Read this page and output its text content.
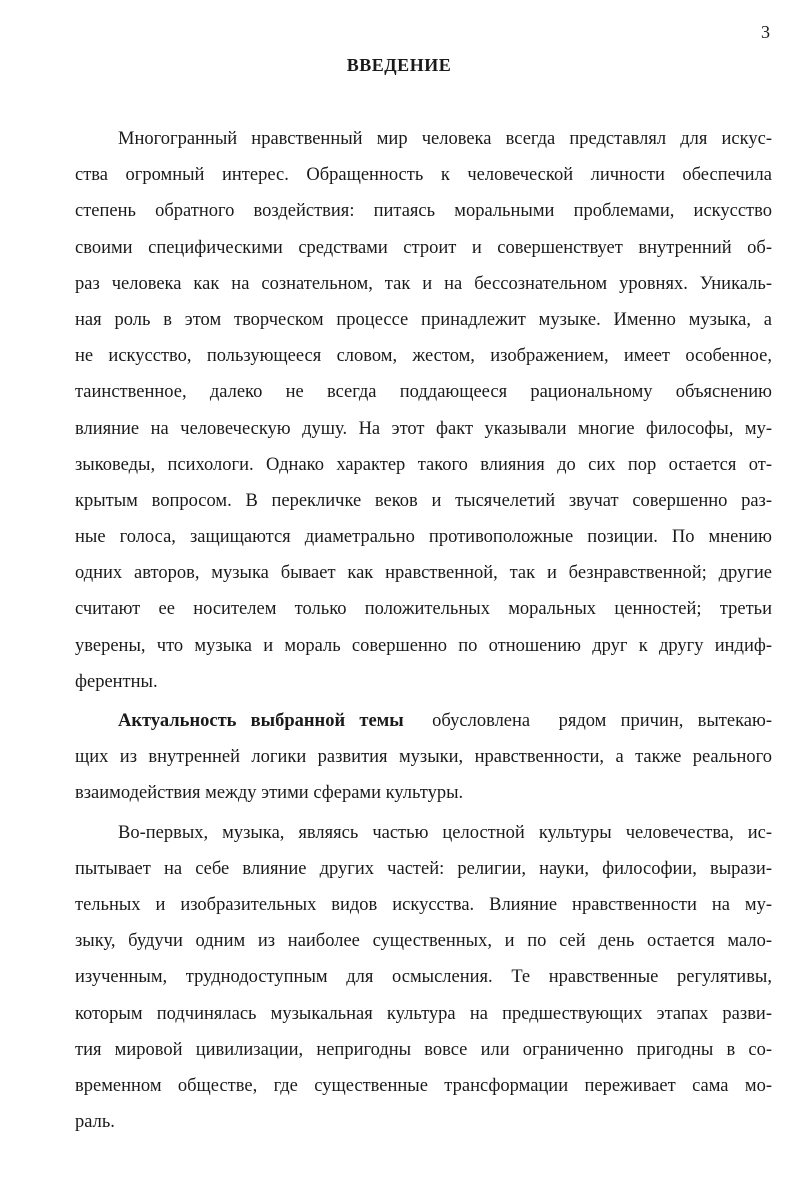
3
ВВЕДЕНИЕ
Многогранный нравственный мир человека всегда представлял для искус-
ства огромный интерес. Обращенность к человеческой личности обеспечила
степень обратного воздействия: питаясь моральными проблемами, искусство
своими специфическими средствами строит и совершенствует внутренний об-
раз человека как на сознательном, так и на бессознательном уровнях. Уникаль-
ная роль в этом творческом процессе принадлежит музыке. Именно музыка, а
не искусство, пользующееся словом, жестом, изображением, имеет особенное,
таинственное, далеко не всегда поддающееся рациональному объяснению
влияние на человеческую душу. На этот факт указывали многие философы, му-
зыковеды, психологи. Однако характер такого влияния до сих пор остается от-
крытым вопросом. В перекличке веков и тысячелетий звучат совершенно раз-
ные голоса, защищаются диаметрально противоположные позиции. По мнению
одних авторов, музыка бывает как нравственной, так и безнравственной; другие
считают ее носителем только положительных моральных ценностей; третьи
уверены, что музыка и мораль совершенно по отношению друг к другу индиф-
ферентны.
Актуальность выбранной темы  обусловлена  рядом причин, вытекаю-
щих из внутренней логики развития музыки, нравственности, а также реального
взаимодействия между этими сферами культуры.
Во-первых, музыка, являясь частью целостной культуры человечества, ис-
пытывает на себе влияние других частей: религии, науки, философии, вырази-
тельных и изобразительных видов искусства. Влияние нравственности на му-
зыку, будучи одним из наиболее существенных, и по сей день остается мало-
изученным, труднодоступным для осмысления. Те нравственные регулятивы,
которым подчинялась музыкальная культура на предшествующих этапах разви-
тия мировой цивилизации, непригодны вовсе или ограниченно пригодны в со-
временном обществе, где существенные трансформации переживает сама мо-
раль.
